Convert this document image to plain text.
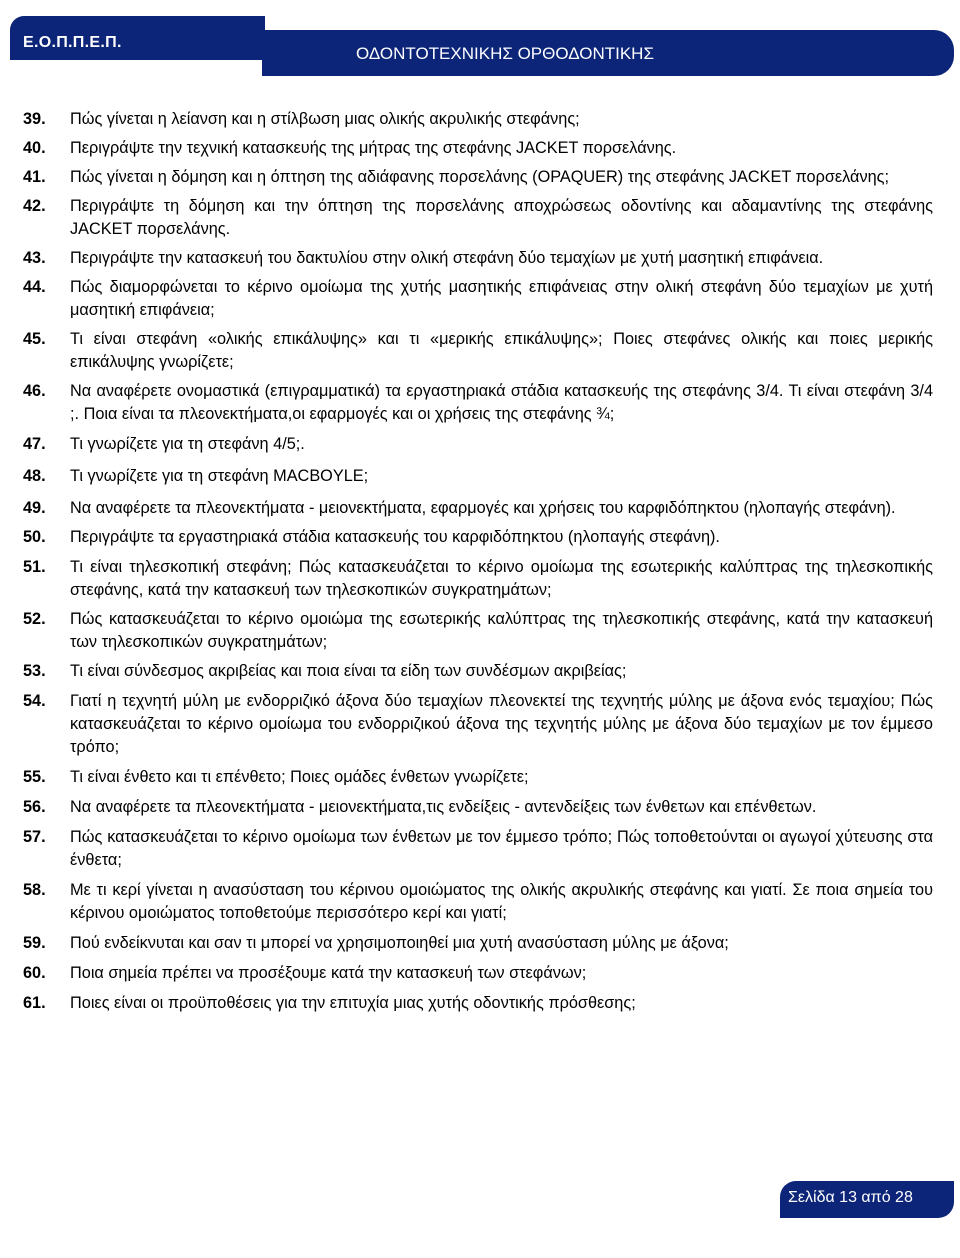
Ε.Ο.Π.Π.Ε.Π.
ΟΔΟΝΤΟΤΕΧΝΙΚΗΣ ΟΡΘΟΔΟΝΤΙΚΗΣ
39. Πώς γίνεται η λείανση και η στίλβωση μιας ολικής ακρυλικής στεφάνης;
40. Περιγράψτε την τεχνική κατασκευής της μήτρας της στεφάνης JACKET πορσελάνης.
41. Πώς γίνεται η δόμηση και η όπτηση της αδιάφανης πορσελάνης (OPAQUER) της στεφάνης JACKET πορσελάνης;
42. Περιγράψτε τη δόμηση και την όπτηση της πορσελάνης αποχρώσεως οδοντίνης και αδαμαντίνης της στεφάνης JACKET πορσελάνης.
43. Περιγράψτε την κατασκευή του δακτυλίου στην ολική στεφάνη δύο τεμαχίων με χυτή μασητική επιφάνεια.
44. Πώς διαμορφώνεται το κέρινο ομοίωμα της χυτής μασητικής επιφάνειας στην ολική στεφάνη δύο τεμαχίων με χυτή μασητική επιφάνεια;
45. Τι είναι στεφάνη «ολικής επικάλυψης» και τι «μερικής επικάλυψης»; Ποιες στεφάνες ολικής και ποιες μερικής επικάλυψης γνωρίζετε;
46. Να αναφέρετε ονομαστικά (επιγραμματικά) τα εργαστηριακά στάδια κατασκευής της στεφάνης 3/4. Τι είναι στεφάνη 3/4 ;. Ποια είναι τα πλεονεκτήματα,οι εφαρμογές και οι χρήσεις της στεφάνης ¾;
47. Τι γνωρίζετε για τη στεφάνη 4/5;.
48. Τι γνωρίζετε για τη στεφάνη MACBOYLE;
49. Να αναφέρετε τα πλεονεκτήματα - μειονεκτήματα, εφαρμογές και χρήσεις του καρφιδόπηκτου (ηλοπαγής στεφάνη).
50. Περιγράψτε τα εργαστηριακά στάδια κατασκευής του καρφιδόπηκτου (ηλοπαγής στεφάνη).
51. Τι είναι τηλεσκοπική στεφάνη; Πώς κατασκευάζεται το κέρινο ομοίωμα της εσωτερικής καλύπτρας της τηλεσκοπικής στεφάνης, κατά την κατασκευή των τηλεσκοπικών συγκρατημάτων;
52. Πώς κατασκευάζεται το κέρινο ομοιώμα της εσωτερικής καλύπτρας της τηλεσκοπικής στεφάνης, κατά την κατασκευή των τηλεσκοπικών συγκρατημάτων;
53. Τι είναι σύνδεσμος ακριβείας και ποια είναι τα είδη των συνδέσμων ακριβείας;
54. Γιατί η τεχνητή μύλη με ενδορριζικό άξονα δύο τεμαχίων πλεονεκτεί της τεχνητής μύλης με άξονα ενός τεμαχίου; Πώς κατασκευάζεται το κέρινο ομοίωμα του ενδορριζικού άξονα της τεχνητής μύλης με άξονα δύο τεμαχίων με τον έμμεσο τρόπο;
55. Τι είναι ένθετο και τι επένθετο; Ποιες ομάδες ένθετων γνωρίζετε;
56. Να αναφέρετε τα πλεονεκτήματα - μειονεκτήματα,τις ενδείξεις - αντενδείξεις των ένθετων και επένθετων.
57. Πώς κατασκευάζεται το κέρινο ομοίωμα των ένθετων με τον έμμεσο τρόπο; Πώς τοποθετούνται οι αγωγοί χύτευσης στα ένθετα;
58. Με τι κερί γίνεται η ανασύσταση του κέρινου ομοιώματος της ολικής ακρυλικής στεφάνης και γιατί. Σε ποια σημεία του κέρινου ομοιώματος τοποθετούμε περισσότερο κερί και γιατί;
59. Πού ενδείκνυται και σαν τι μπορεί να χρησιμοποιηθεί μια χυτή ανασύσταση μύλης με άξονα;
60. Ποια σημεία πρέπει να προσέξουμε κατά την κατασκευή των στεφάνων;
61. Ποιες είναι οι προϋποθέσεις για την επιτυχία μιας χυτής οδοντικής πρόσθεσης;
Σελίδα 13 από 28
